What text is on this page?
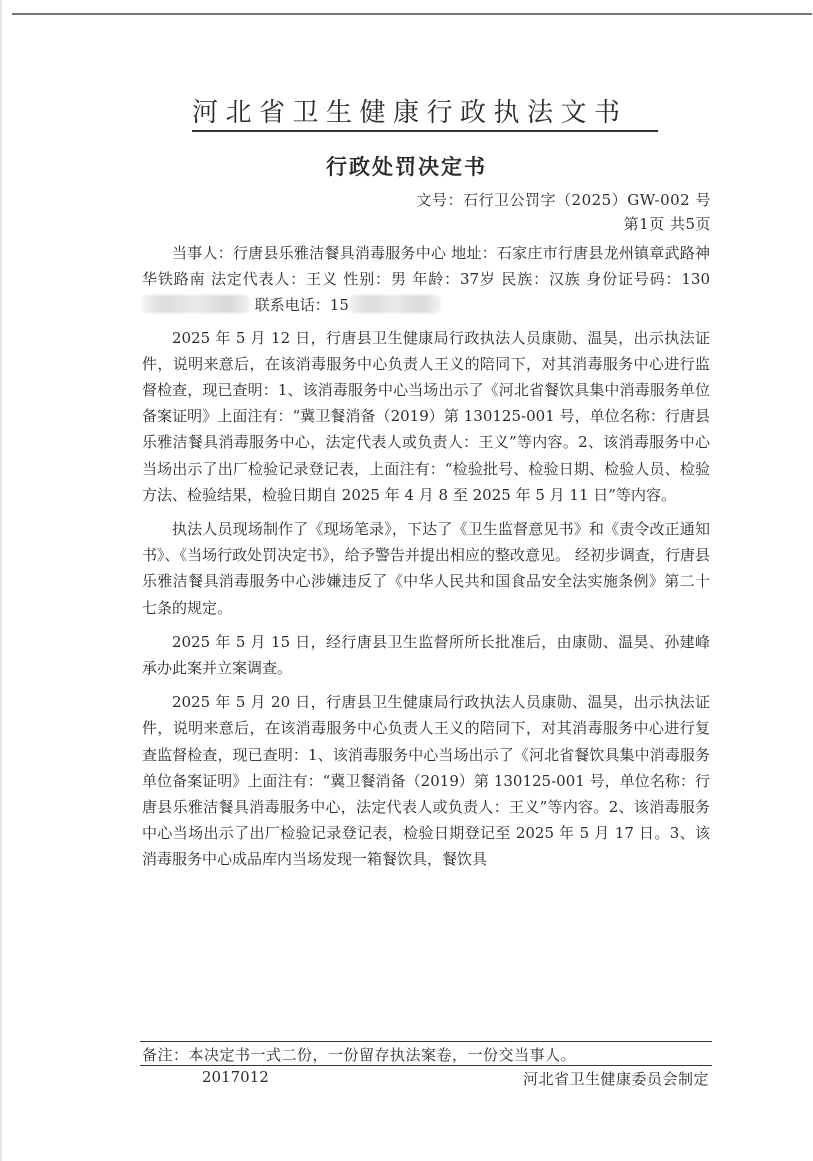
河北省卫生健康行政执法文书
行政处罚决定书
文号：石行卫公罚字（2025）GW-002 号
第1页 共5页

当事人：行唐县乐雅洁餐具消毒服务中心 地址：石家庄市行唐县龙州镇章武路神华铁路南 法定代表人：王义 性别：男 年龄：37岁 民族：汉族 身份证号码：130 联系电话：15

2025 年 5 月 12 日，行唐县卫生健康局行政执法人员康勋、温昊，出示执法证件，说明来意后，在该消毒服务中心负责人王义的陪同下，对其消毒服务中心进行监督检查，现已查明：1、该消毒服务中心当场出示了《河北省餐饮具集中消毒服务单位备案证明》上面注有：“冀卫餐消备（2019）第 130125-001 号，单位名称：行唐县乐雅洁餐具消毒服务中心，法定代表人或负责人：王义”等内容。2、该消毒服务中心当场出示了出厂检验记录登记表，上面注有：“检验批号、检验日期、检验人员、检验方法、检验结果，检验日期自 2025 年 4 月 8 至 2025 年 5 月 11 日”等内容。

执法人员现场制作了《现场笔录》，下达了《卫生监督意见书》和《责令改正通知书》、《当场行政处罚决定书》，给予警告并提出相应的整改意见。 经初步调查，行唐县乐雅洁餐具消毒服务中心涉嫌违反了《中华人民共和国食品安全法实施条例》第二十七条的规定。

2025 年 5 月 15 日，经行唐县卫生监督所所长批准后，由康勋、温昊、孙建峰承办此案并立案调查。

2025 年 5 月 20 日，行唐县卫生健康局行政执法人员康勋、温昊，出示执法证件，说明来意后，在该消毒服务中心负责人王义的陪同下，对其消毒服务中心进行复查监督检查，现已查明：1、该消毒服务中心当场出示了《河北省餐饮具集中消毒服务单位备案证明》上面注有：“冀卫餐消备（2019）第 130125-001 号，单位名称：行唐县乐雅洁餐具消毒服务中心，法定代表人或负责人：王义”等内容。2、该消毒服务中心当场出示了出厂检验记录登记表，检验日期登记至 2025 年 5 月 17 日。3、该消毒服务中心成品库内当场发现一箱餐饮具，餐饮具

备注：本决定书一式二份，一份留存执法案卷，一份交当事人。
2017012	河北省卫生健康委员会制定
